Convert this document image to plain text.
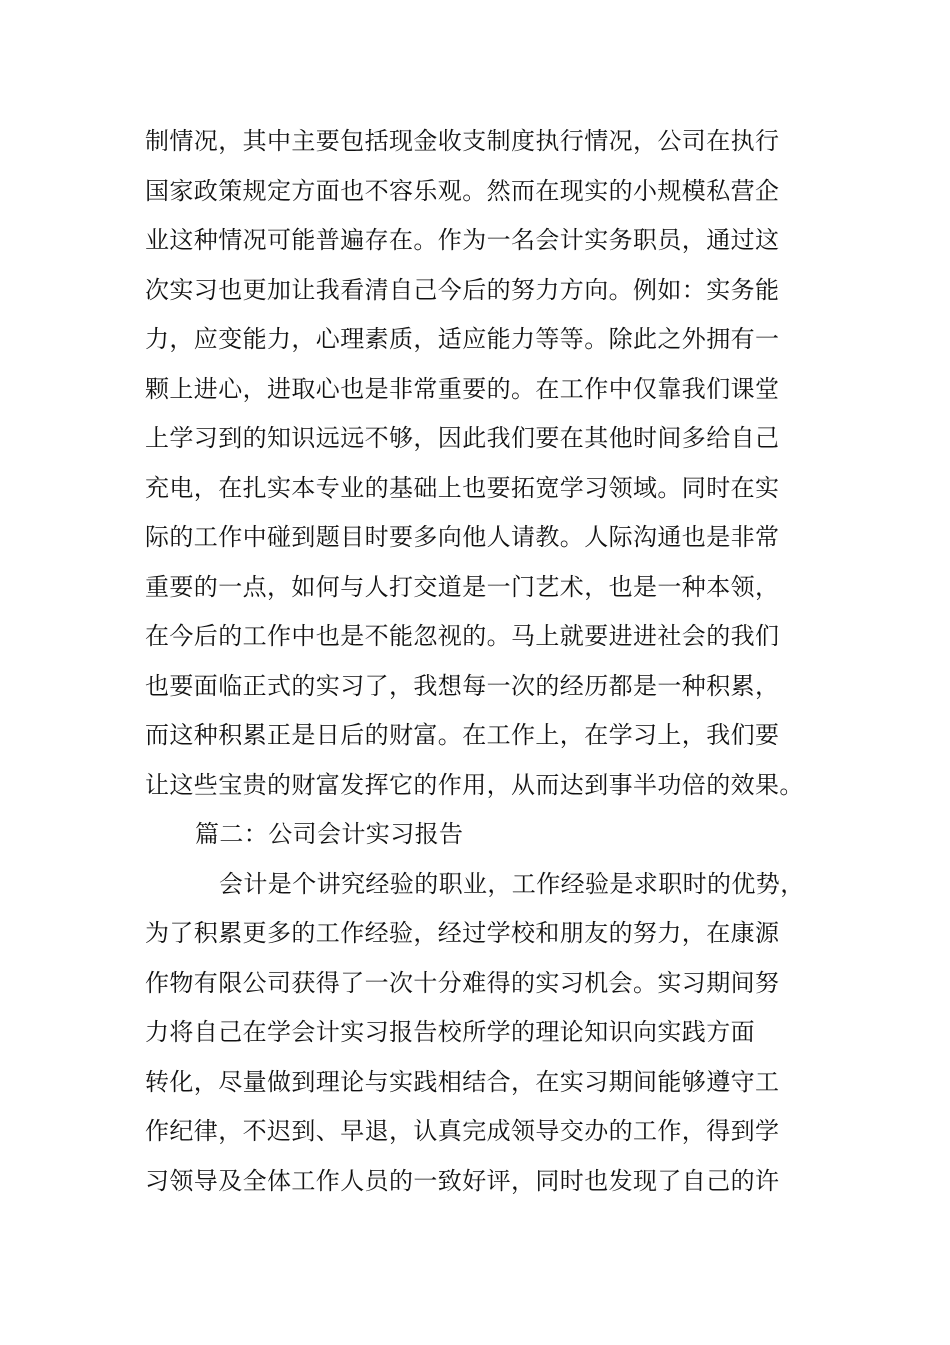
制情况，其中主要包括现金收支制度执行情况，公司在执行
国家政策规定方面也不容乐观。然而在现实的小规模私营企
业这种情况可能普遍存在。作为一名会计实务职员，通过这
次实习也更加让我看清自己今后的努力方向。例如：实务能
力，应变能力，心理素质，适应能力等等。除此之外拥有一
颗上进心，进取心也是非常重要的。在工作中仅靠我们课堂
上学习到的知识远远不够，因此我们要在其他时间多给自己
充电，在扎实本专业的基础上也要拓宽学习领域。同时在实
际的工作中碰到题目时要多向他人请教。人际沟通也是非常
重要的一点，如何与人打交道是一门艺术，也是一种本领，
在今后的工作中也是不能忽视的。马上就要进进社会的我们
也要面临正式的实习了，我想每一次的经历都是一种积累，
而这种积累正是日后的财富。在工作上，在学习上，我们要
让这些宝贵的财富发挥它的作用，从而达到事半功倍的效果。
篇二：公司会计实习报告
会计是个讲究经验的职业，工作经验是求职时的优势，
为了积累更多的工作经验，经过学校和朋友的努力，在康源
作物有限公司获得了一次十分难得的实习机会。实习期间努
力将自己在学会计实习报告校所学的理论知识向实践方面
转化，尽量做到理论与实践相结合，在实习期间能够遵守工
作纪律，不迟到、早退，认真完成领导交办的工作，得到学
习领导及全体工作人员的一致好评，同时也发现了自己的许
